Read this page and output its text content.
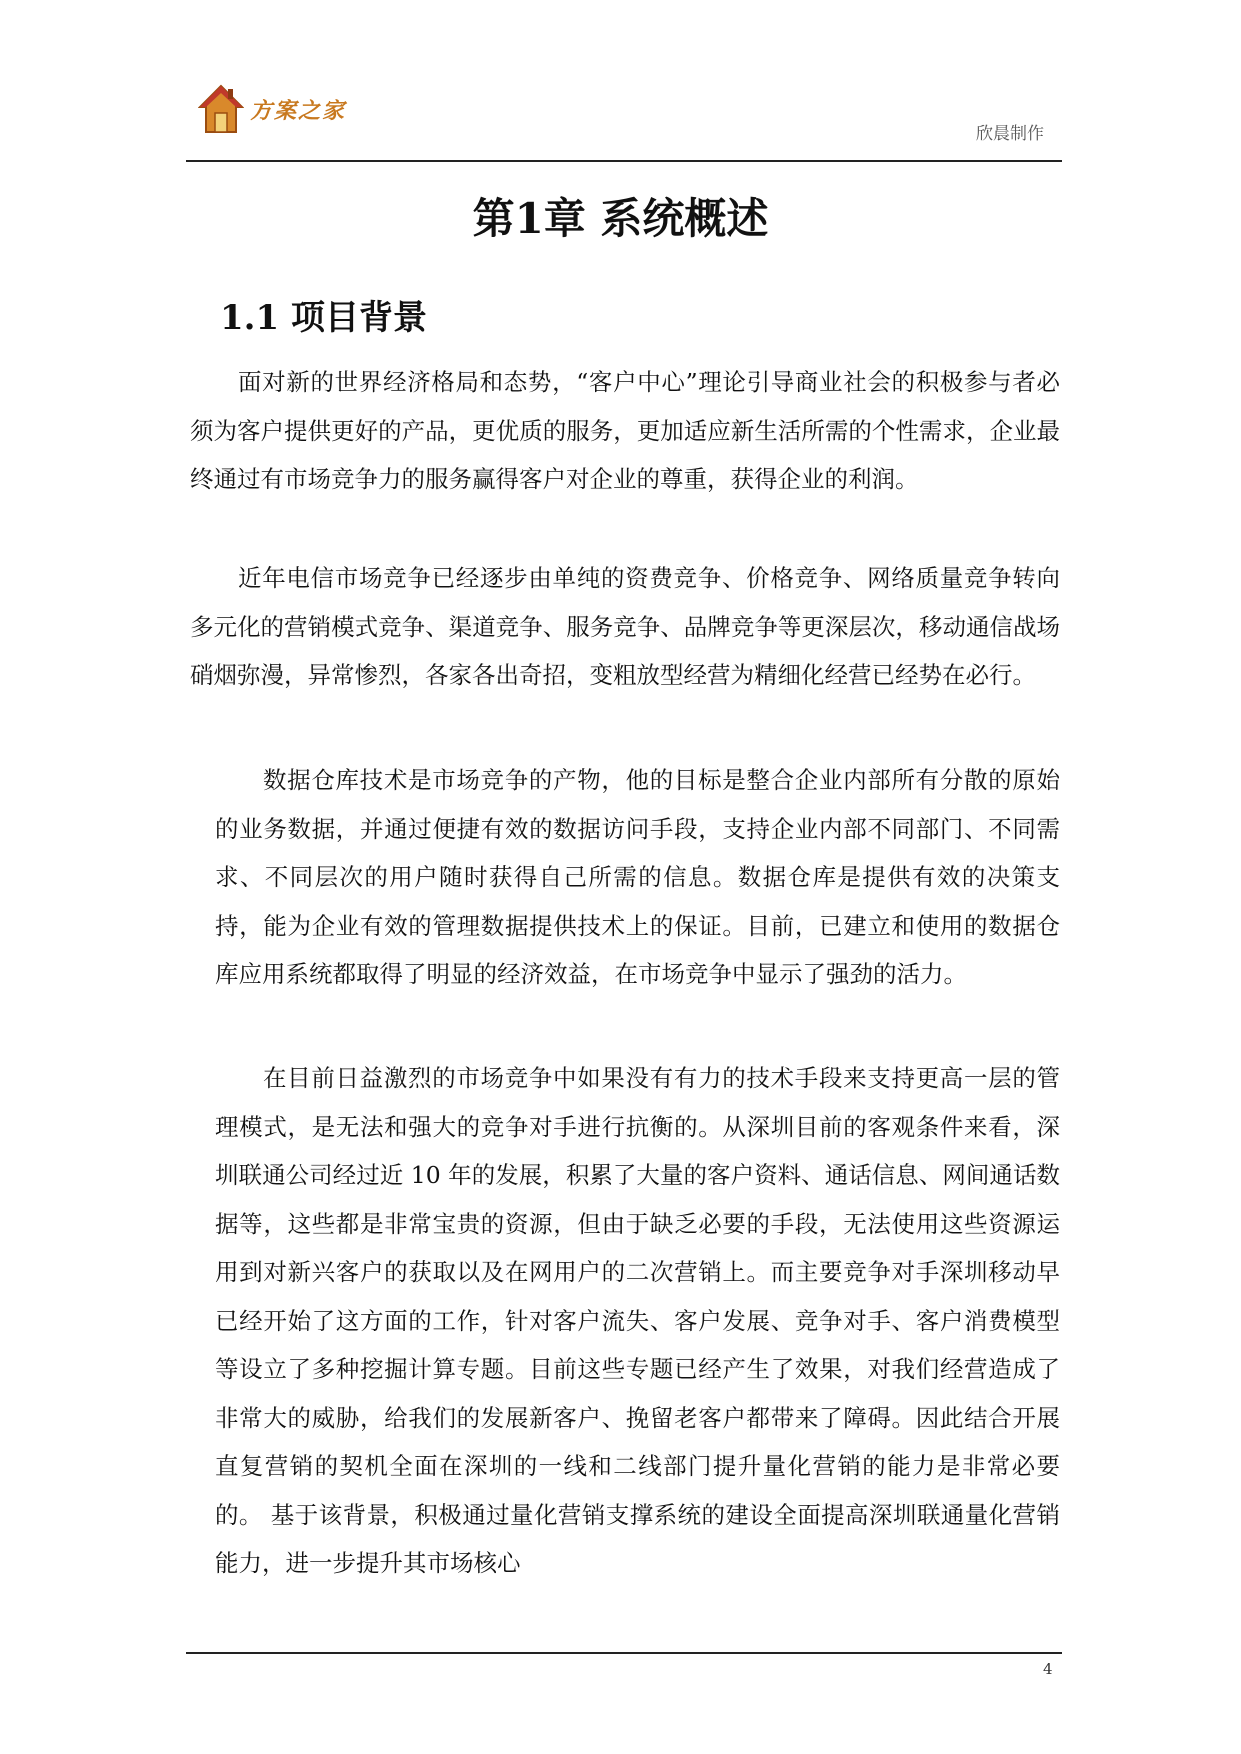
方案之家
欣晨制作
第1章 系统概述
1.1 项目背景
面对新的世界经济格局和态势，“客户中心”理论引导商业社会的积极参与者必须为客户提供更好的产品，更优质的服务，更加适应新生活所需的个性需求，企业最终通过有市场竞争力的服务赢得客户对企业的尊重，获得企业的利润。
近年电信市场竞争已经逐步由单纯的资费竞争、价格竞争、网络质量竞争转向多元化的营销模式竞争、渠道竞争、服务竞争、品牌竞争等更深层次，移动通信战场硝烟弥漫，异常惨烈，各家各出奇招，变粗放型经营为精细化经营已经势在必行。
数据仓库技术是市场竞争的产物，他的目标是整合企业内部所有分散的原始的业务数据，并通过便捷有效的数据访问手段，支持企业内部不同部门、不同需求、不同层次的用户随时获得自己所需的信息。数据仓库是提供有效的决策支持，能为企业有效的管理数据提供技术上的保证。目前，已建立和使用的数据仓库应用系统都取得了明显的经济效益，在市场竞争中显示了强劲的活力。
在目前日益激烈的市场竞争中如果没有有力的技术手段来支持更高一层的管理模式，是无法和强大的竞争对手进行抗衡的。从深圳目前的客观条件来看，深圳联通公司经过近 10 年的发展，积累了大量的客户资料、通话信息、网间通话数据等，这些都是非常宝贵的资源，但由于缺乏必要的手段，无法使用这些资源运用到对新兴客户的获取以及在网用户的二次营销上。而主要竞争对手深圳移动早已经开始了这方面的工作，针对客户流失、客户发展、竞争对手、客户消费模型等设立了多种挖掘计算专题。目前这些专题已经产生了效果，对我们经营造成了非常大的威胁，给我们的发展新客户、挽留老客户都带来了障碍。因此结合开展直复营销的契机全面在深圳的一线和二线部门提升量化营销的能力是非常必要的。 基于该背景，积极通过量化营销支撑系统的建设全面提高深圳联通量化营销能力，进一步提升其市场核心
4
